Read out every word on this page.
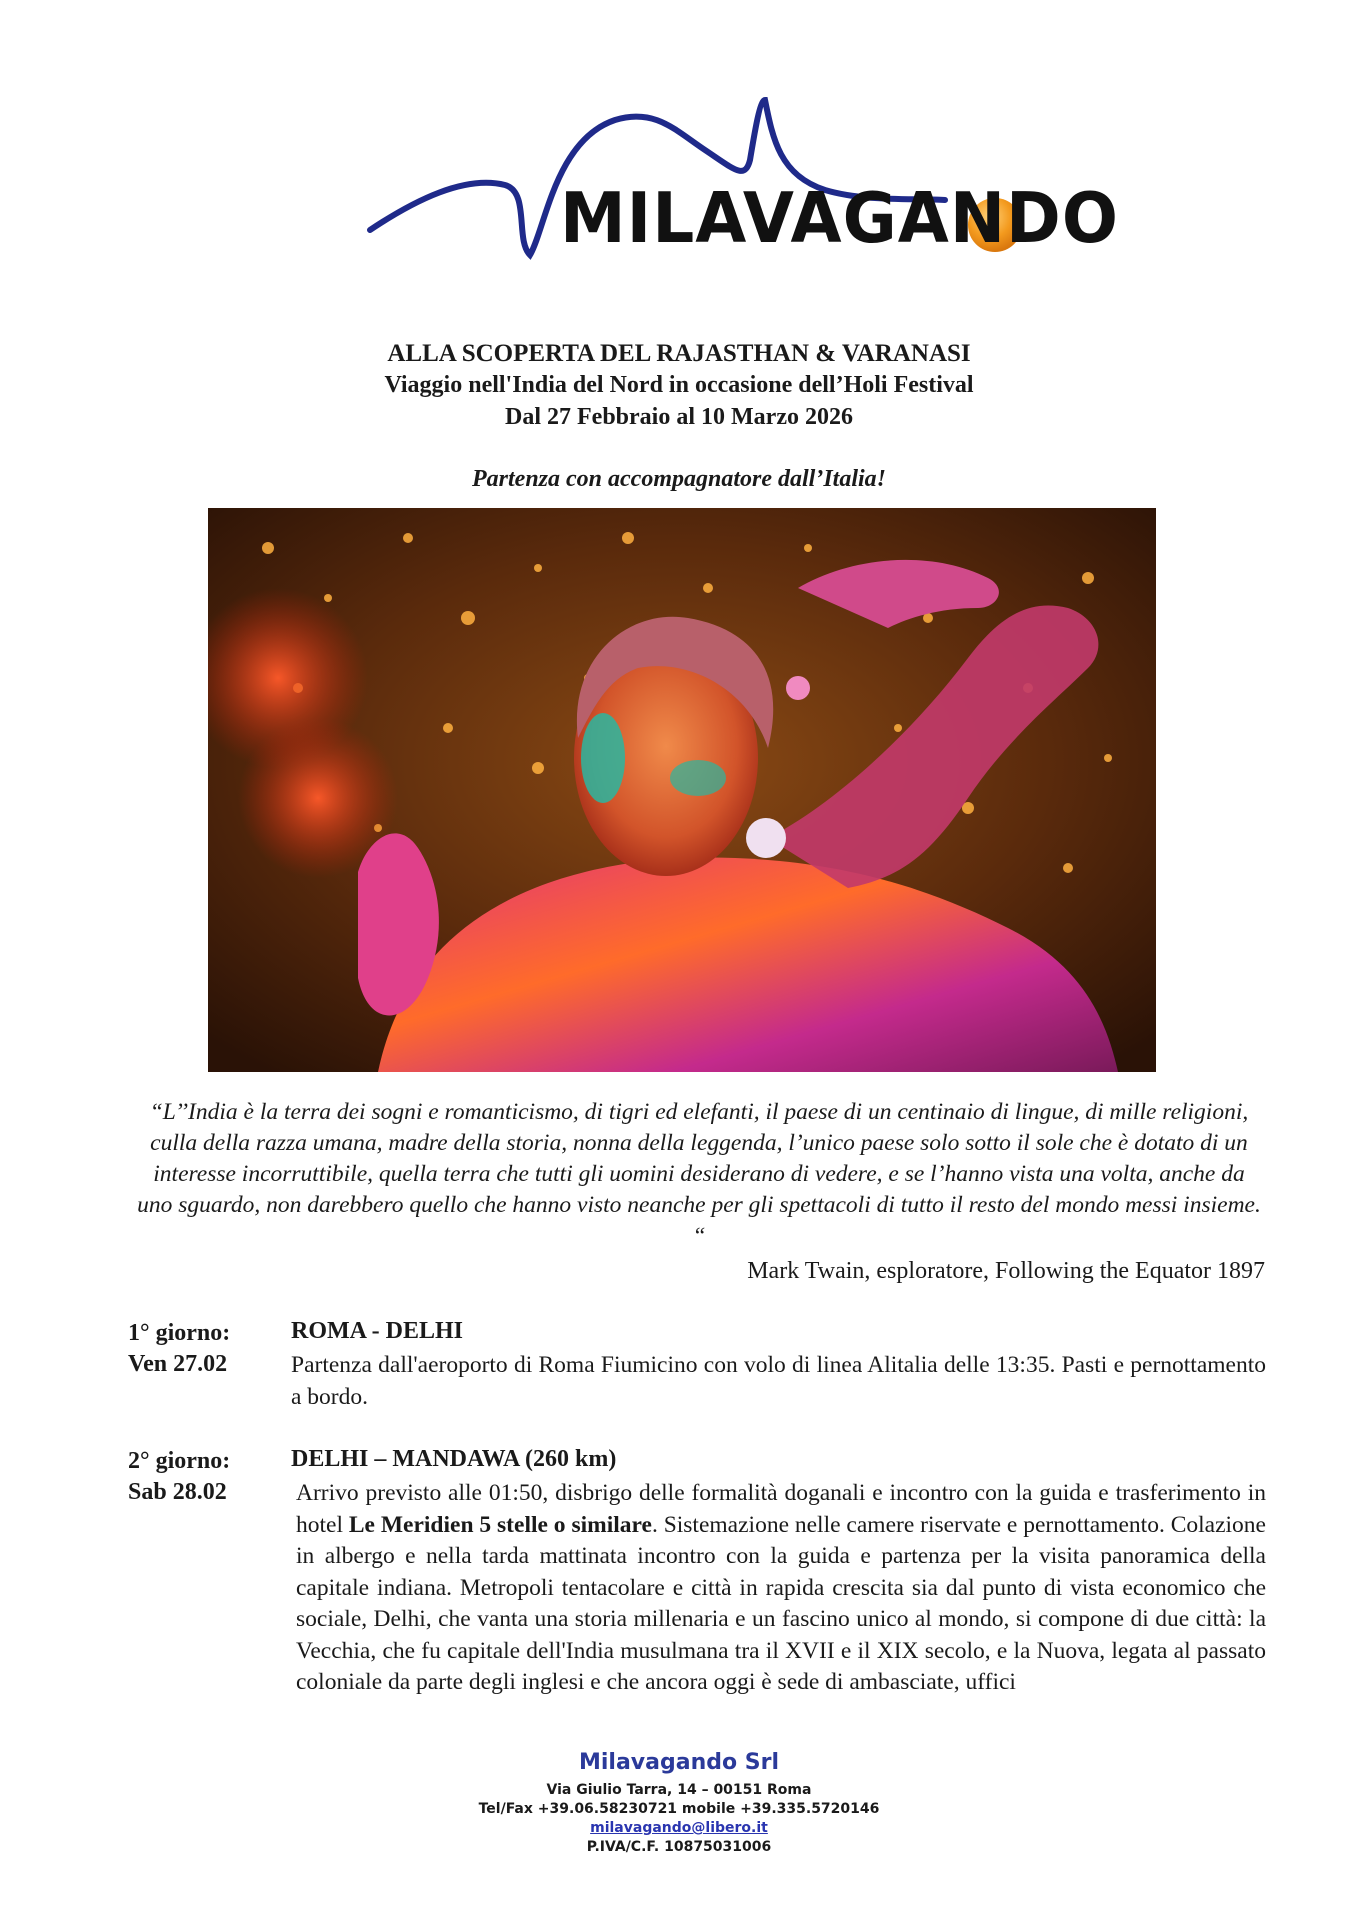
MILAVAGANDO
ALLA SCOPERTA DEL RAJASTHAN & VARANASI
Viaggio nell'India del Nord in occasione dell’Holi Festival
Dal 27 Febbraio al 10 Marzo 2026
Partenza con accompagnatore dall’Italia!

“L’’India è la terra dei sogni e romanticismo, di tigri ed elefanti, il paese di un centinaio di lingue, di mille religioni, culla della razza umana, madre della storia, nonna della leggenda, l’unico paese solo sotto il sole che è dotato di un interesse incorruttibile, quella terra che tutti gli uomini desiderano di vedere, e se l’hanno vista una volta, anche da uno sguardo, non darebbero quello che hanno visto neanche per gli spettacoli di tutto il resto del mondo messi insieme. “

Mark Twain, esploratore, Following the Equator 1897
1° giorno:
Ven 27.02
ROMA - DELHI

Partenza dall'aeroporto di Roma Fiumicino con volo di linea Alitalia delle 13:35. Pasti e pernottamento a bordo.

2° giorno:
Sab 28.02
DELHI – MANDAWA (260 km)

Arrivo previsto alle 01:50, disbrigo delle formalità doganali e incontro con la guida e trasferimento in hotel Le Meridien 5 stelle o similare. Sistemazione nelle camere riservate e pernottamento. Colazione in albergo e nella tarda mattinata incontro con la guida e partenza per la visita panoramica della capitale indiana. Metropoli tentacolare e città in rapida crescita sia dal punto di vista economico che sociale, Delhi, che vanta una storia millenaria e un fascino unico al mondo, si compone di due città: la Vecchia, che fu capitale dell'India musulmana tra il XVII e il XIX secolo, e la Nuova, legata al passato coloniale da parte degli inglesi e che ancora oggi è sede di ambasciate, uffici

Milavagando Srl
Via Giulio Tarra, 14 – 00151 Roma
Tel/Fax +39.06.58230721 mobile +39.335.5720146
milavagando@libero.it
P.IVA/C.F. 10875031006
